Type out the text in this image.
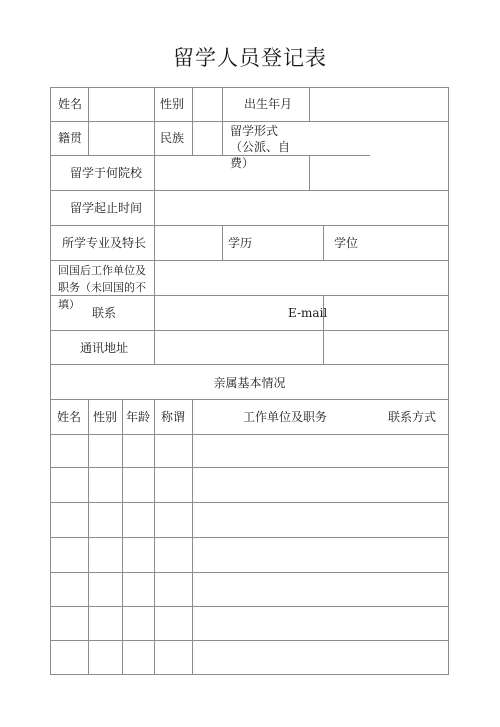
留学人员登记表
姓名	性别	出生年月
籍贯	民族	留学形式 （公派、自费）
留学于何院校
留学起止时间
所学专业及特长	学历	学位
回国后工作单位及职务（未回国的不填）
联系	E-mail
通讯地址
亲属基本情况
姓名 性别 年龄 称谓	工作单位及职务	联系方式
